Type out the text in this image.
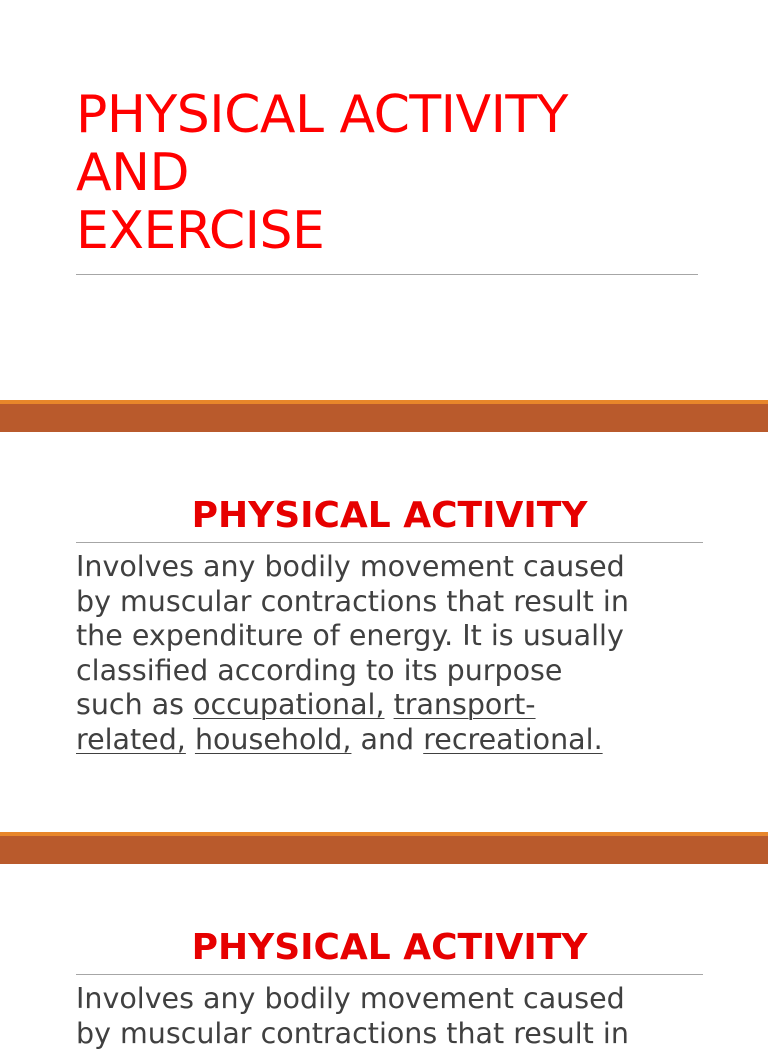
PHYSICAL ACTIVITY
AND
EXERCISE
PHYSICAL ACTIVITY

Involves any bodily movement caused
by muscular contractions that result in
the expenditure of energy. It is usually
classified according to its purpose
such as occupational, transport-
related, household, and recreational.

PHYSICAL ACTIVITY

Involves any bodily movement caused
by muscular contractions that result in
